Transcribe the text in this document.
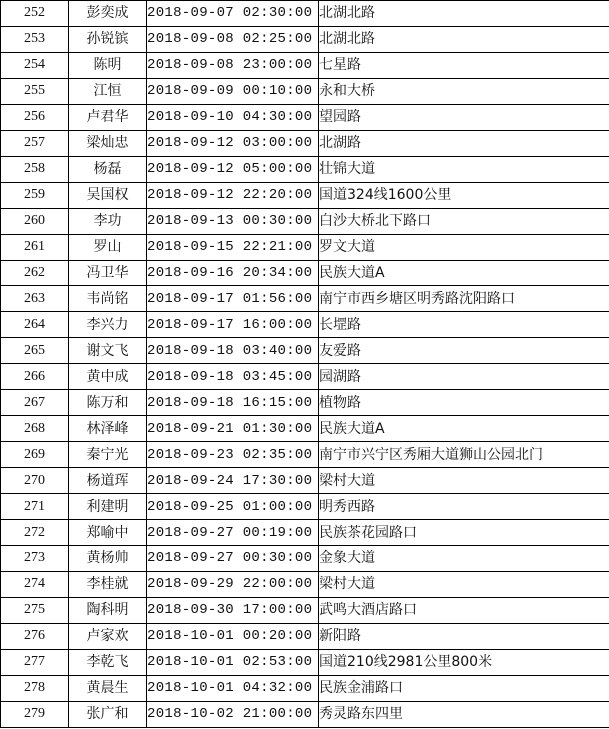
252	彭奕成	2018-09-07 02:30:00	北湖北路
253	孙锐镔	2018-09-08 02:25:00	北湖北路
254	陈明	2018-09-08 23:00:00	七星路
255	江恒	2018-09-09 00:10:00	永和大桥
256	卢君华	2018-09-10 04:30:00	望园路
257	梁灿忠	2018-09-12 03:00:00	北湖路
258	杨磊	2018-09-12 05:00:00	壮锦大道
259	吴国权	2018-09-12 22:20:00	国道324线1600公里
260	李功	2018-09-13 00:30:00	白沙大桥北下路口
261	罗山	2018-09-15 22:21:00	罗文大道
262	冯卫华	2018-09-16 20:34:00	民族大道A
263	韦尚铭	2018-09-17 01:56:00	南宁市西乡塘区明秀路沈阳路口
264	李兴力	2018-09-17 16:00:00	长堽路
265	谢文飞	2018-09-18 03:40:00	友爱路
266	黄中成	2018-09-18 03:45:00	园湖路
267	陈万和	2018-09-18 16:15:00	植物路
268	林泽峰	2018-09-21 01:30:00	民族大道A
269	秦宁光	2018-09-23 02:35:00	南宁市兴宁区秀厢大道狮山公园北门
270	杨道珲	2018-09-24 17:30:00	梁村大道
271	利建明	2018-09-25 01:00:00	明秀西路
272	郑喻中	2018-09-27 00:19:00	民族茶花园路口
273	黄杨帅	2018-09-27 00:30:00	金象大道
274	李桂就	2018-09-29 22:00:00	梁村大道
275	陶科明	2018-09-30 17:00:00	武鸣大酒店路口
276	卢家欢	2018-10-01 00:20:00	新阳路
277	李乾飞	2018-10-01 02:53:00	国道210线2981公里800米
278	黄晨生	2018-10-01 04:32:00	民族金浦路口
279	张广和	2018-10-02 21:00:00	秀灵路东四里
